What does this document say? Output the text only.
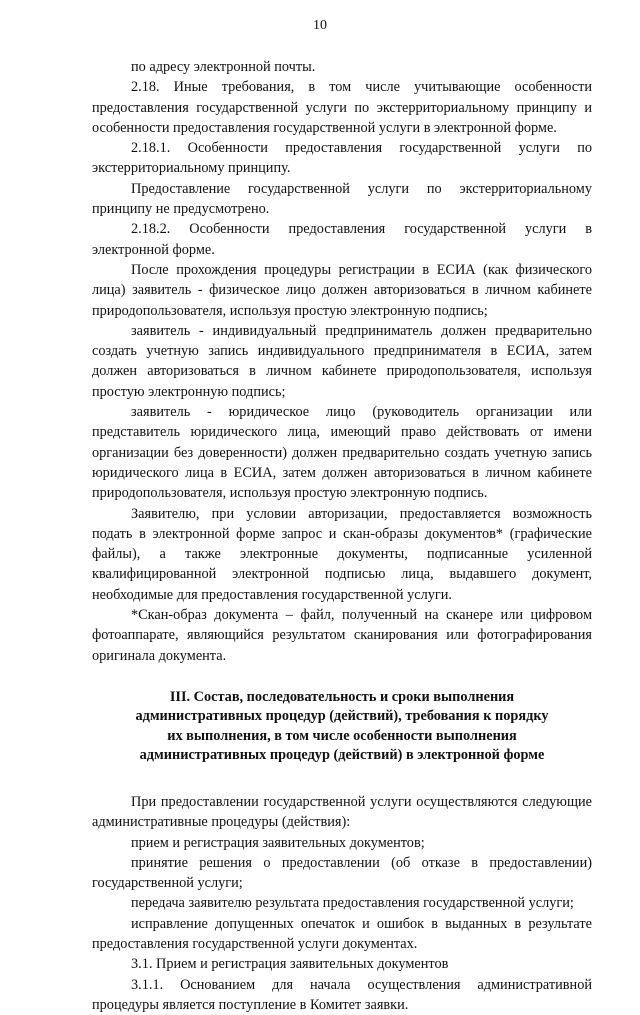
10

по адресу электронной почты.

2.18. Иные требования, в том числе учитывающие особенности предоставления государственной услуги по экстерриториальному принципу и особенности предоставления государственной услуги в электронной форме.

2.18.1. Особенности предоставления государственной услуги по экстерриториальному принципу.

Предоставление государственной услуги по экстерриториальному принципу не предусмотрено.

2.18.2. Особенности предоставления государственной услуги в электронной форме.

После прохождения процедуры регистрации в ЕСИА (как физического лица) заявитель - физическое лицо должен авторизоваться в личном кабинете природопользователя, используя простую электронную подпись;

заявитель - индивидуальный предприниматель должен предварительно создать учетную запись индивидуального предпринимателя в ЕСИА, затем должен авторизоваться в личном кабинете природопользователя, используя простую электронную подпись;

заявитель - юридическое лицо (руководитель организации или представитель юридического лица, имеющий право действовать от имени организации без доверенности) должен предварительно создать учетную запись юридического лица в ЕСИА, затем должен авторизоваться в личном кабинете природопользователя, используя простую электронную подпись.

Заявителю, при условии авторизации, предоставляется возможность подать в электронной форме запрос и скан-образы документов* (графические файлы), а также электронные документы, подписанные усиленной квалифицированной электронной подписью лица, выдавшего документ, необходимые для предоставления государственной услуги.

*Скан-образ документа – файл, полученный на сканере или цифровом фотоаппарате, являющийся результатом сканирования или фотографирования оригинала документа.

III. Состав, последовательность и сроки выполнения
административных процедур (действий), требования к порядку
их выполнения, в том числе особенности выполнения
административных процедур (действий) в электронной форме

При предоставлении государственной услуги осуществляются следующие административные процедуры (действия):

прием и регистрация заявительных документов;

принятие решения о предоставлении (об отказе в предоставлении) государственной услуги;

передача заявителю результата предоставления государственной услуги;

исправление допущенных опечаток и ошибок в выданных в результате предоставления государственной услуги документах.

3.1. Прием и регистрация заявительных документов

3.1.1. Основанием для начала осуществления административной процедуры является поступление в Комитет заявки.
